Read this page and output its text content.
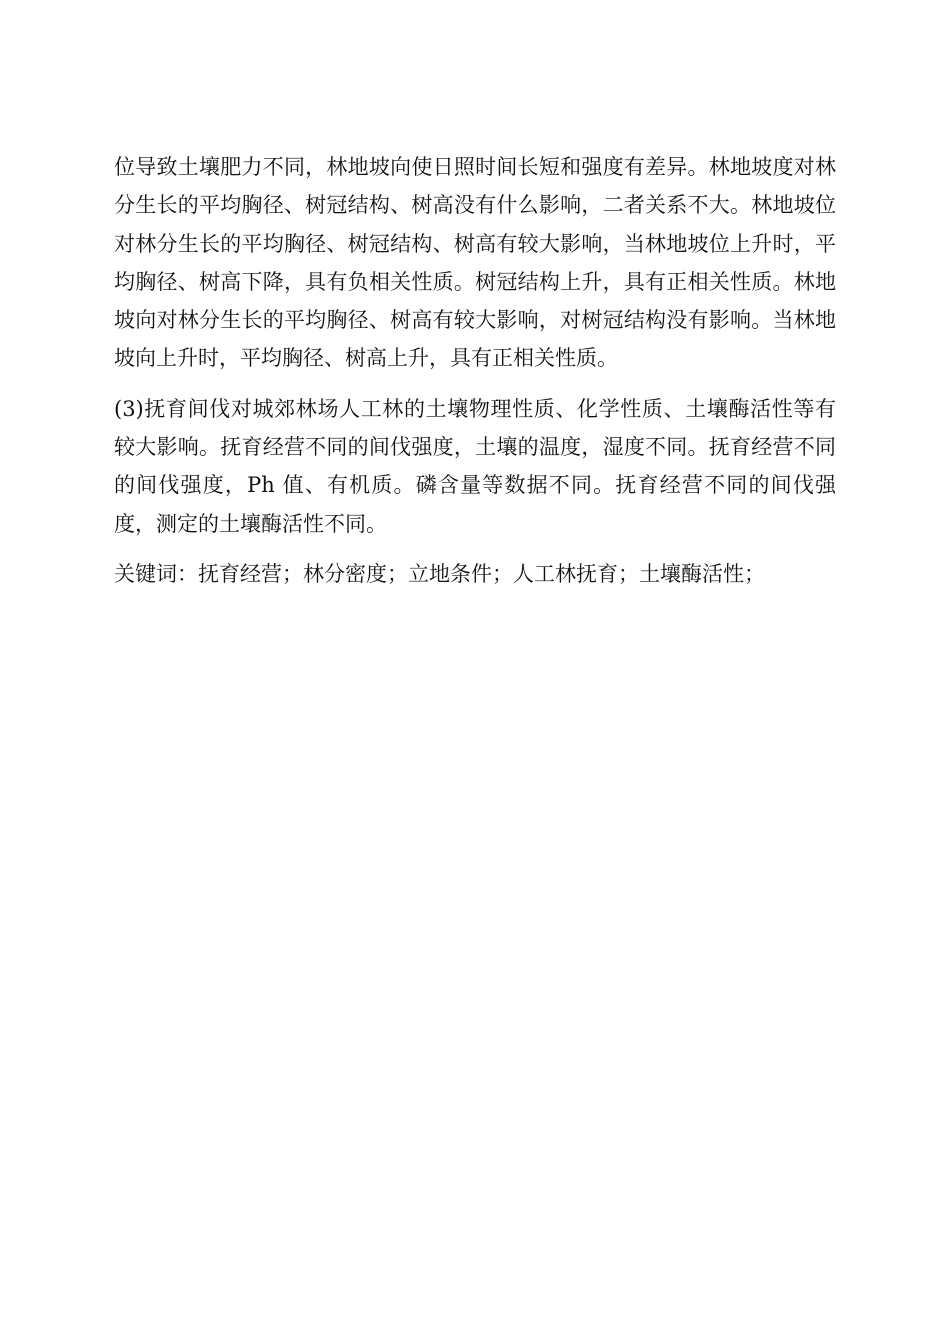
位导致土壤肥力不同，林地坡向使日照时间长短和强度有差异。林地坡度对林分生长的平均胸径、树冠结构、树高没有什么影响，二者关系不大。林地坡位对林分生长的平均胸径、树冠结构、树高有较大影响，当林地坡位上升时，平均胸径、树高下降，具有负相关性质。树冠结构上升，具有正相关性质。林地坡向对林分生长的平均胸径、树高有较大影响，对树冠结构没有影响。当林地坡向上升时，平均胸径、树高上升，具有正相关性质。

(3)抚育间伐对城郊林场人工林的土壤物理性质、化学性质、土壤酶活性等有较大影响。抚育经营不同的间伐强度，土壤的温度，湿度不同。抚育经营不同的间伐强度，Ph 值、有机质。磷含量等数据不同。抚育经营不同的间伐强度，测定的土壤酶活性不同。

关键词：抚育经营；林分密度；立地条件；人工林抚育；土壤酶活性；
